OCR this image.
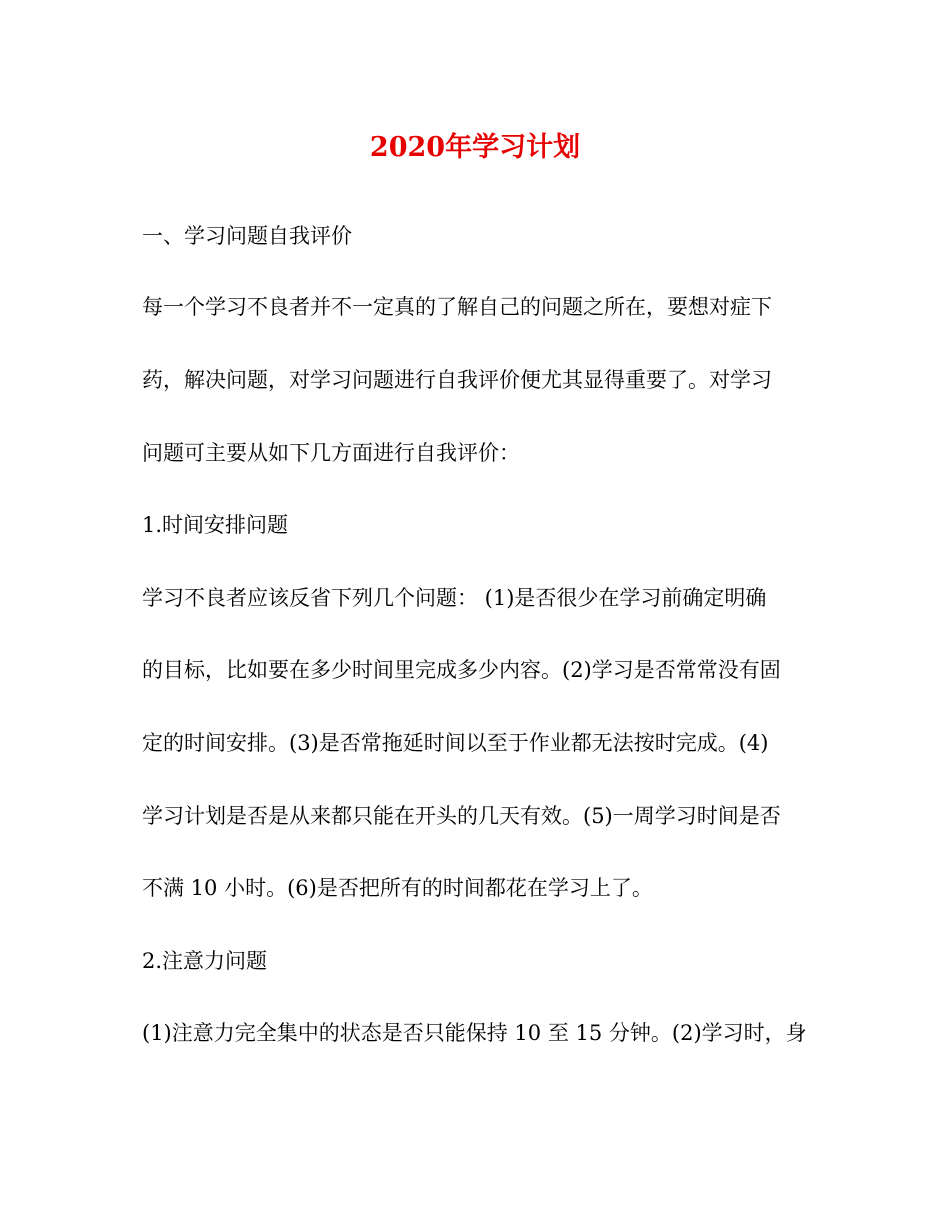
2020年学习计划
一、学习问题自我评价
每一个学习不良者并不一定真的了解自己的问题之所在，要想对症下
药，解决问题，对学习问题进行自我评价便尤其显得重要了。对学习
问题可主要从如下几方面进行自我评价：
1.时间安排问题
学习不良者应该反省下列几个问题： (1)是否很少在学习前确定明确
的目标，比如要在多少时间里完成多少内容。(2)学习是否常常没有固
定的时间安排。(3)是否常拖延时间以至于作业都无法按时完成。(4)
学习计划是否是从来都只能在开头的几天有效。(5)一周学习时间是否
不满 10 小时。(6)是否把所有的时间都花在学习上了。
2.注意力问题
(1)注意力完全集中的状态是否只能保持 10 至 15 分钟。(2)学习时，身
